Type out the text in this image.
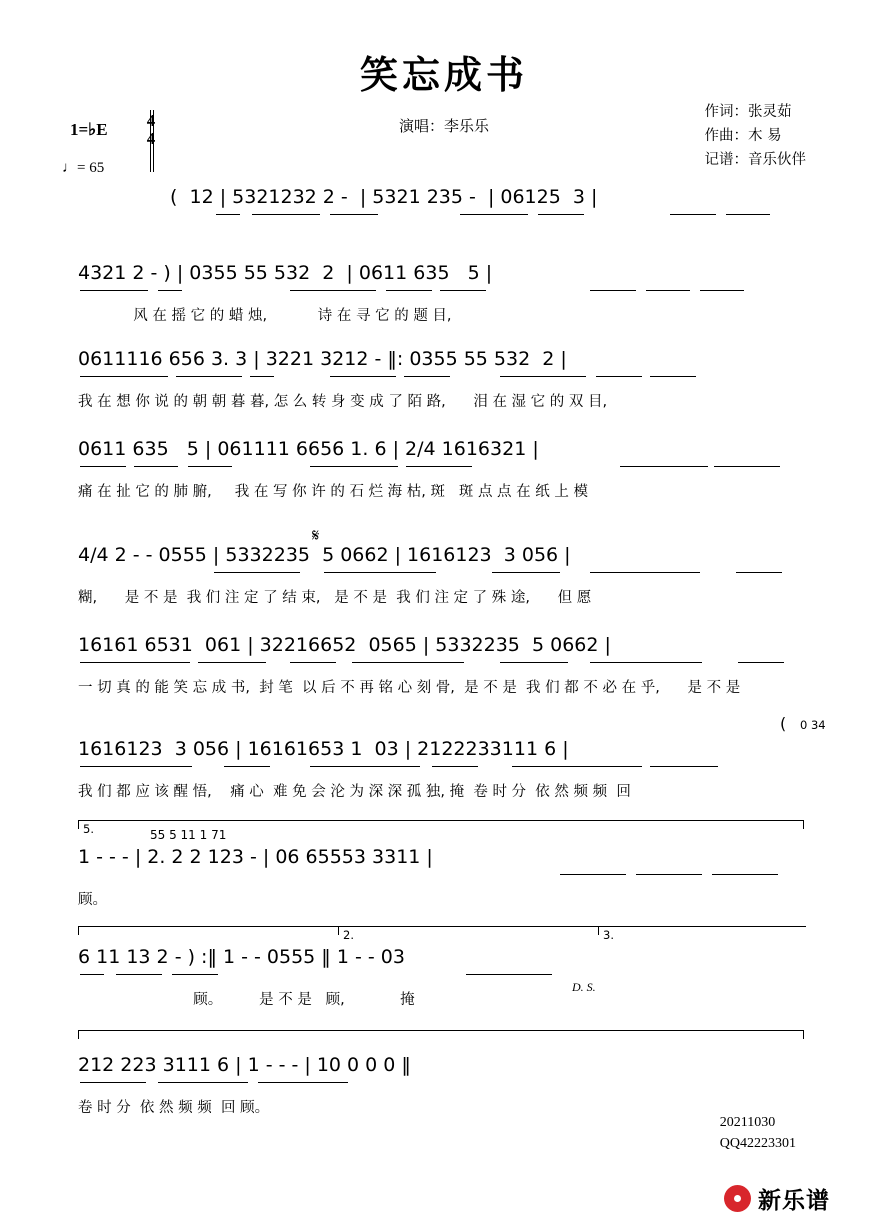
笑忘成书
演唱：李乐乐
作词：张灵茹
作曲：木 易
记谱：音乐伙伴
1=♭E	4
4
♩= 65
(  12 | 5321232 2 -  | 5321 235 -  | 06125  3 |
4321 2 - ) | 0355 55 532  2  | 0611 635   5 |
风 在 摇 它 的 蜡 烛,           诗 在 寻 它 的 题 目,
0611116 656 3. 3 | 3221 3212 - ‖: 0355 55 532  2 |
我 在 想 你 说 的 朝 朝 暮 暮, 怎 么 转 身 变 成 了 陌 路,      泪 在 湿 它 的 双 目,
0611 635   5 | 061111 6656 1. 6 | 2/4 1616321 |
痛 在 扯 它 的 肺 腑,     我 在 写 你 许 的 石 烂 海 枯, 斑   斑 点 点 在 纸 上 模
𝄋
4/4 2 - - 0555 | 5332235  5 0662 | 1616123  3 056 |
糊,      是 不 是  我 们 注 定 了 结 束,   是 不 是  我 们 注 定 了 殊 途,      但 愿
16161 6531  061 | 32216652  0565 | 5332235  5 0662 |
一 切 真 的 能 笑 忘 成 书,  封 笔  以 后 不 再 铭 心 刻 骨,  是 不 是  我 们 都 不 必 在 乎,      是 不 是
0 34
(
1616123  3 056 | 16161653 1  03 | 2122233111 6 |
我 们 都 应 该 醒 悟,    痛 心  难 免 会 沦 为 深 深 孤 独, 掩  卷 时 分  依 然 频 频  回
5.	55 5 11 1 71
1 - - - | 2. 2 2 123 - | 06 65553 3311 |
顾。
2.	3.
6 11 13 2 - ) :‖ 1 - - 0555 ‖ 1 - - 03
D. S.
顾。        是 不 是   顾,            掩
212 223 3111 6 | 1 - - - | 10 0 0 0 ‖
卷 时 分  依 然 频 频  回 顾。
20211030
QQ42223301
新乐谱
